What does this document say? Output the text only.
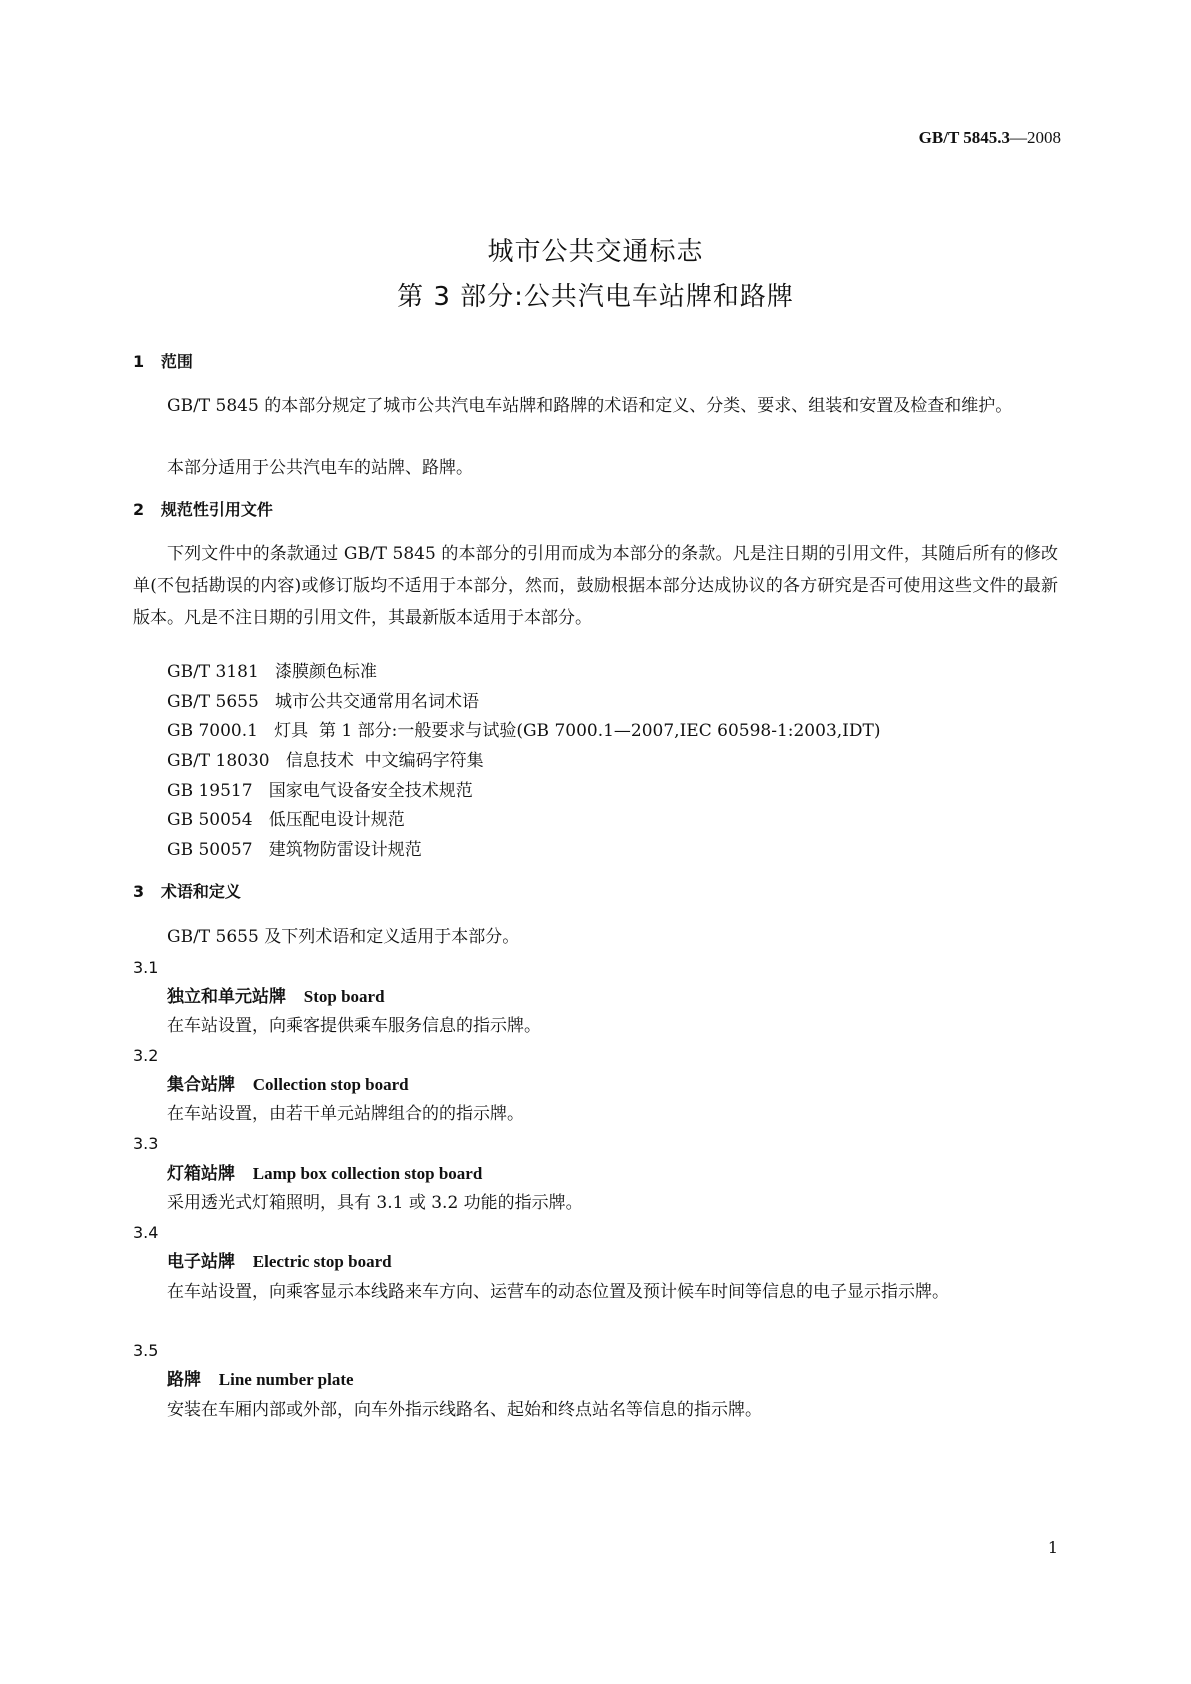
GB/T 5845.3—2008
城市公共交通标志
第 3 部分:公共汽电车站牌和路牌
1   范围
GB/T 5845 的本部分规定了城市公共汽电车站牌和路牌的术语和定义、分类、要求、组装和安置及检查和维护。
本部分适用于公共汽电车的站牌、路牌。
2   规范性引用文件
下列文件中的条款通过 GB/T 5845 的本部分的引用而成为本部分的条款。凡是注日期的引用文件，其随后所有的修改单(不包括勘误的内容)或修订版均不适用于本部分，然而，鼓励根据本部分达成协议的各方研究是否可使用这些文件的最新版本。凡是不注日期的引用文件，其最新版本适用于本部分。
GB/T 3181   漆膜颜色标准
GB/T 5655   城市公共交通常用名词术语
GB 7000.1   灯具  第 1 部分:一般要求与试验(GB 7000.1—2007,IEC 60598-1:2003,IDT)
GB/T 18030   信息技术  中文编码字符集
GB 19517   国家电气设备安全技术规范
GB 50054   低压配电设计规范
GB 50057   建筑物防雷设计规范
3   术语和定义
GB/T 5655 及下列术语和定义适用于本部分。
3.1
独立和单元站牌 Stop board
在车站设置，向乘客提供乘车服务信息的指示牌。
3.2
集合站牌 Collection stop board
在车站设置，由若干单元站牌组合的的指示牌。
3.3
灯箱站牌 Lamp box collection stop board
采用透光式灯箱照明，具有 3.1 或 3.2 功能的指示牌。
3.4
电子站牌 Electric stop board
在车站设置，向乘客显示本线路来车方向、运营车的动态位置及预计候车时间等信息的电子显示指示牌。
3.5
路牌 Line number plate
安装在车厢内部或外部，向车外指示线路名、起始和终点站名等信息的指示牌。
1
